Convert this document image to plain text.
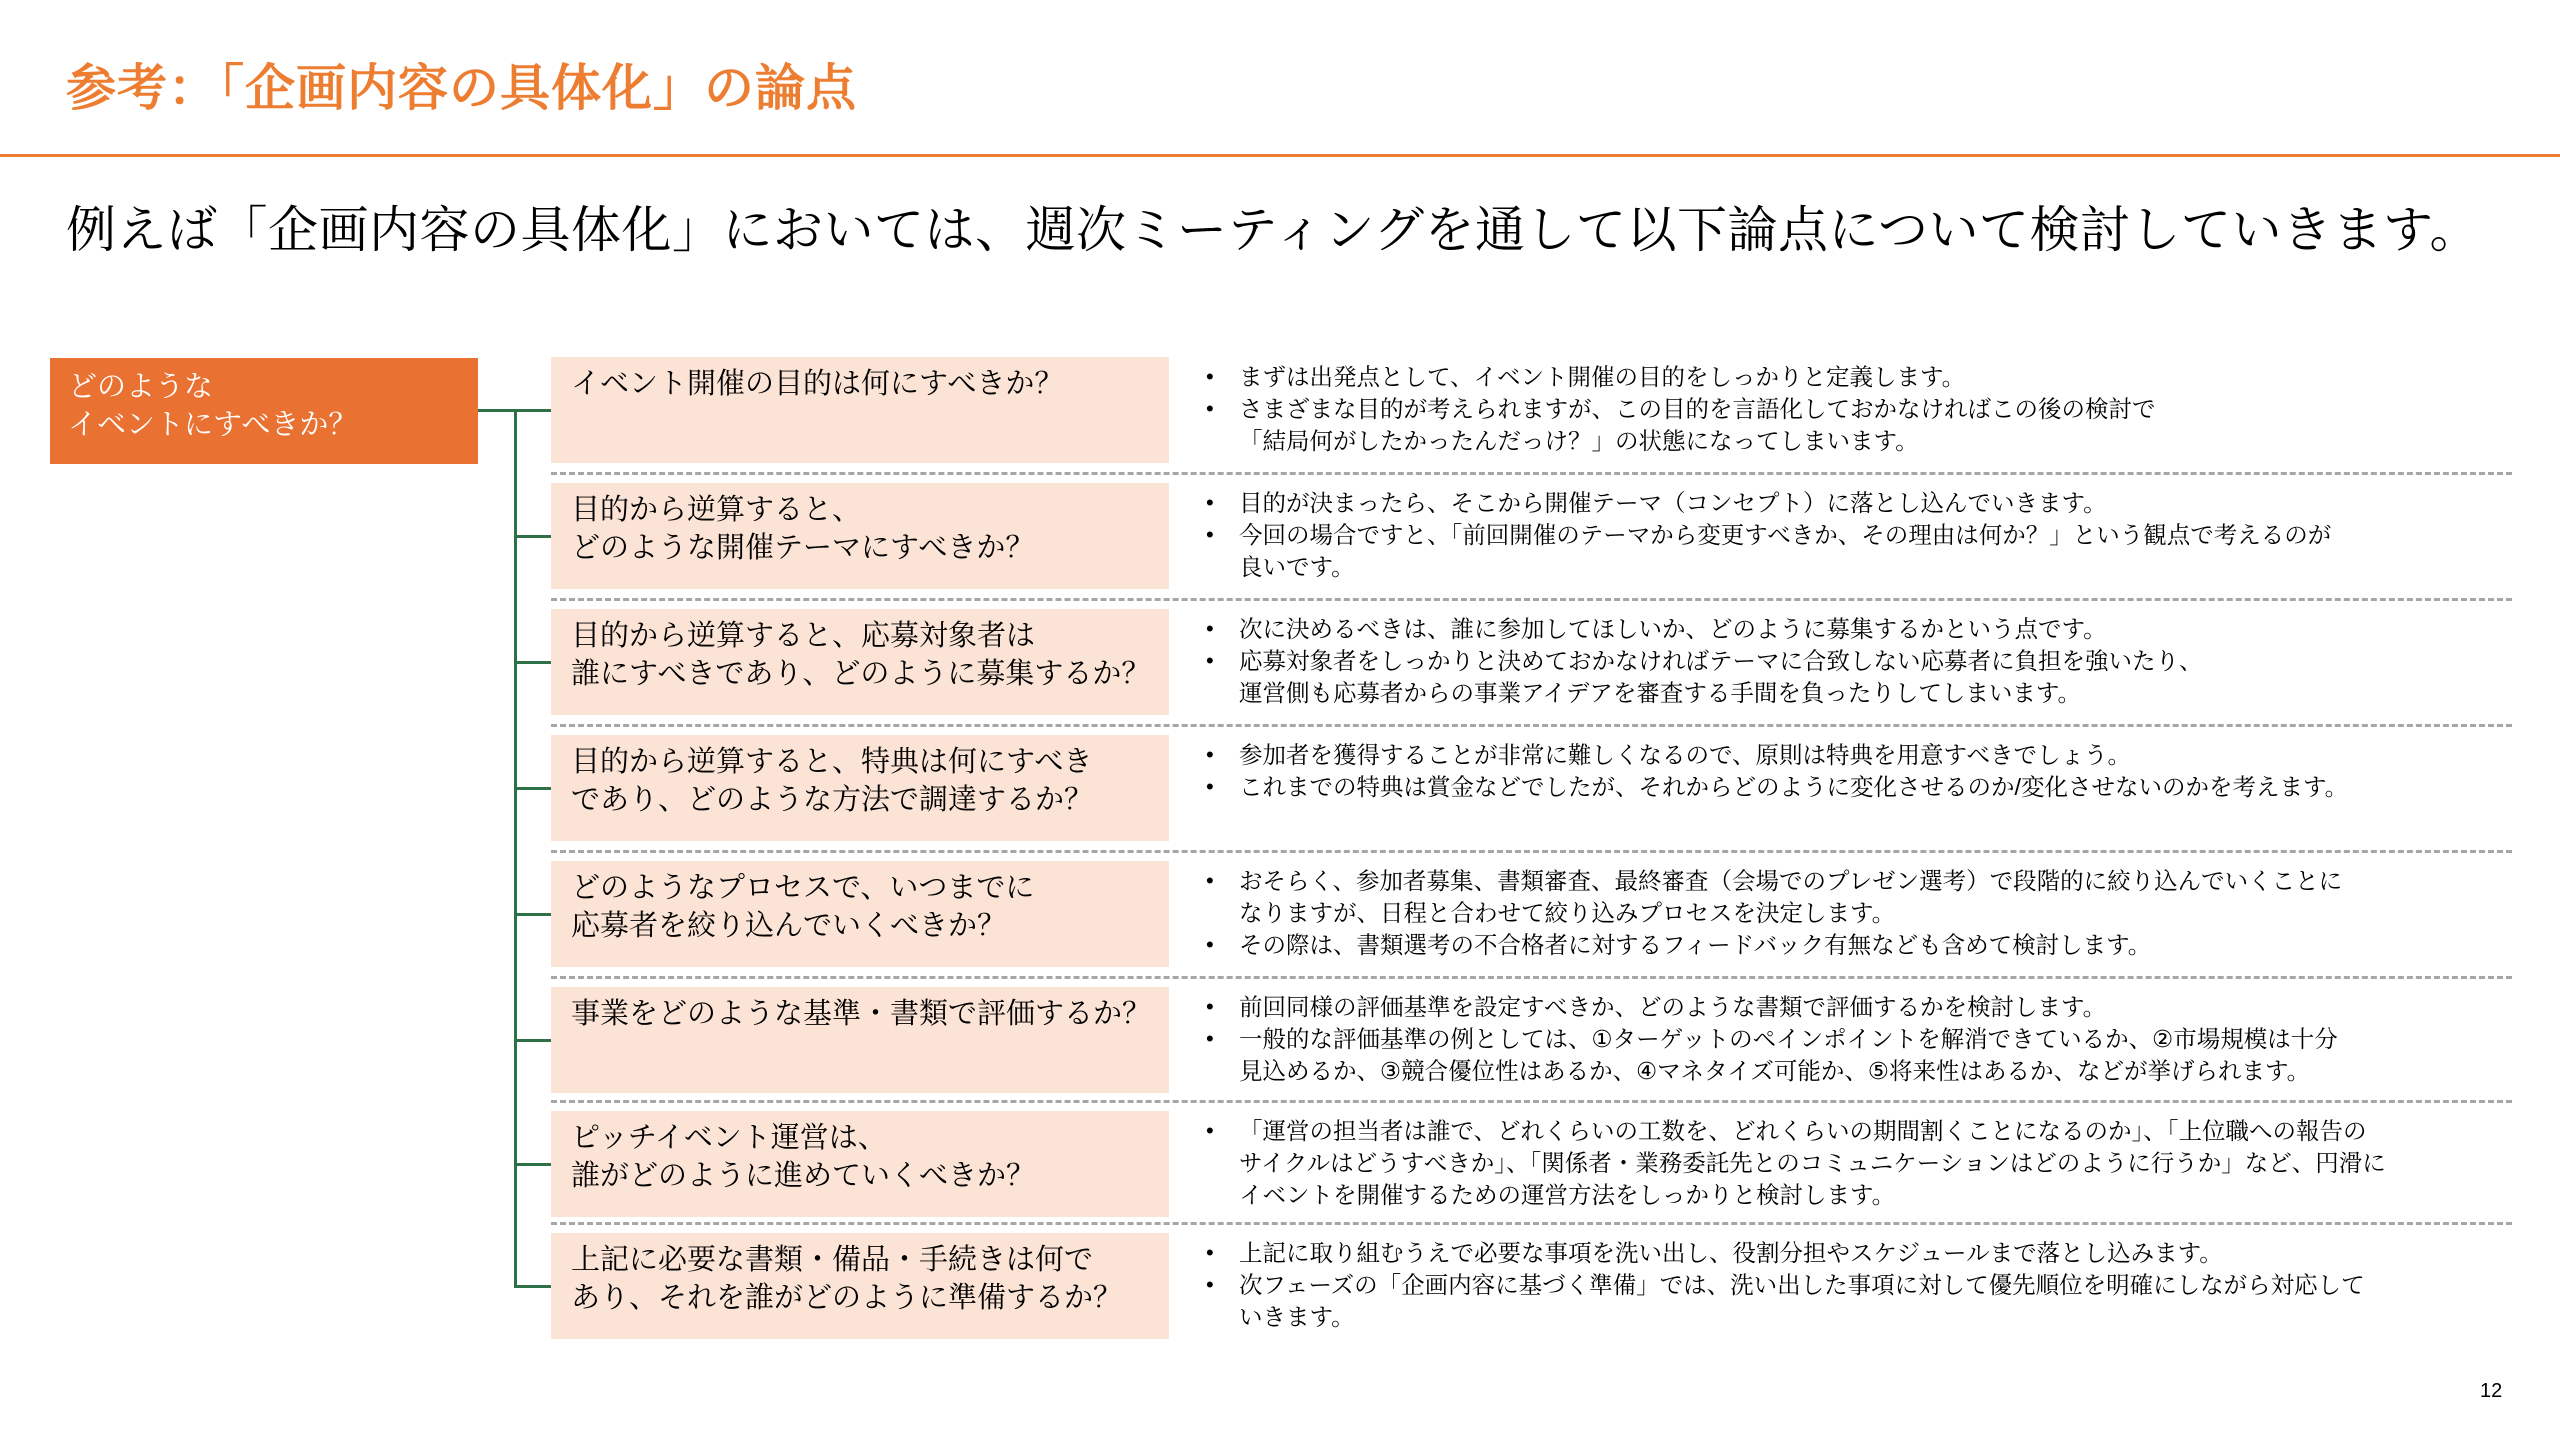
参考：「企画内容の具体化」の論点
例えば「企画内容の具体化」においては、週次ミーティングを通して以下論点について検討していきます。
どのような
イベントにすべきか？
イベント開催の目的は何にすべきか？	• まずは出発点として、イベント開催の目的をしっかりと定義します。
• さまざまな目的が考えられますが、この目的を言語化しておかなければこの後の検討で
「結局何がしたかったんだっけ？」の状態になってしまいます。
目的から逆算すると、
どのような開催テーマにすべきか？
• 目的が決まったら、そこから開催テーマ（コンセプト）に落とし込んでいきます。
• 今回の場合ですと、「前回開催のテーマから変更すべきか、その理由は何か？」という観点で考えるのが
良いです。
目的から逆算すると、応募対象者は
誰にすべきであり、どのように募集するか？
• 次に決めるべきは、誰に参加してほしいか、どのように募集するかという点です。
• 応募対象者をしっかりと決めておかなければテーマに合致しない応募者に負担を強いたり、
運営側も応募者からの事業アイデアを審査する手間を負ったりしてしまいます。
目的から逆算すると、特典は何にすべき
であり、どのような方法で調達するか？
• 参加者を獲得することが非常に難しくなるので、原則は特典を用意すべきでしょう。
• これまでの特典は賞金などでしたが、それからどのように変化させるのか/変化させないのかを考えます。
どのようなプロセスで、いつまでに
応募者を絞り込んでいくべきか？
• おそらく、参加者募集、書類審査、最終審査（会場でのプレゼン選考）で段階的に絞り込んでいくことに
なりますが、日程と合わせて絞り込みプロセスを決定します。
• その際は、書類選考の不合格者に対するフィードバック有無なども含めて検討します。
事業をどのような基準・書類で評価するか？	• 前回同様の評価基準を設定すべきか、どのような書類で評価するかを検討します。
• 一般的な評価基準の例としては、①ターゲットのペインポイントを解消できているか、②市場規模は十分
見込めるか、③競合優位性はあるか、④マネタイズ可能か、⑤将来性はあるか、などが挙げられます。
ピッチイベント運営は、
誰がどのように進めていくべきか？
• 「運営の担当者は誰で、どれくらいの工数を、どれくらいの期間割くことになるのか」、「上位職への報告の
サイクルはどうすべきか」、「関係者・業務委託先とのコミュニケーションはどのように行うか」など、円滑に
イベントを開催するための運営方法をしっかりと検討します。
上記に必要な書類・備品・手続きは何で
あり、それを誰がどのように準備するか？
• 上記に取り組むうえで必要な事項を洗い出し、役割分担やスケジュールまで落とし込みます。
• 次フェーズの「企画内容に基づく準備」では、洗い出した事項に対して優先順位を明確にしながら対応して
いきます。
12
